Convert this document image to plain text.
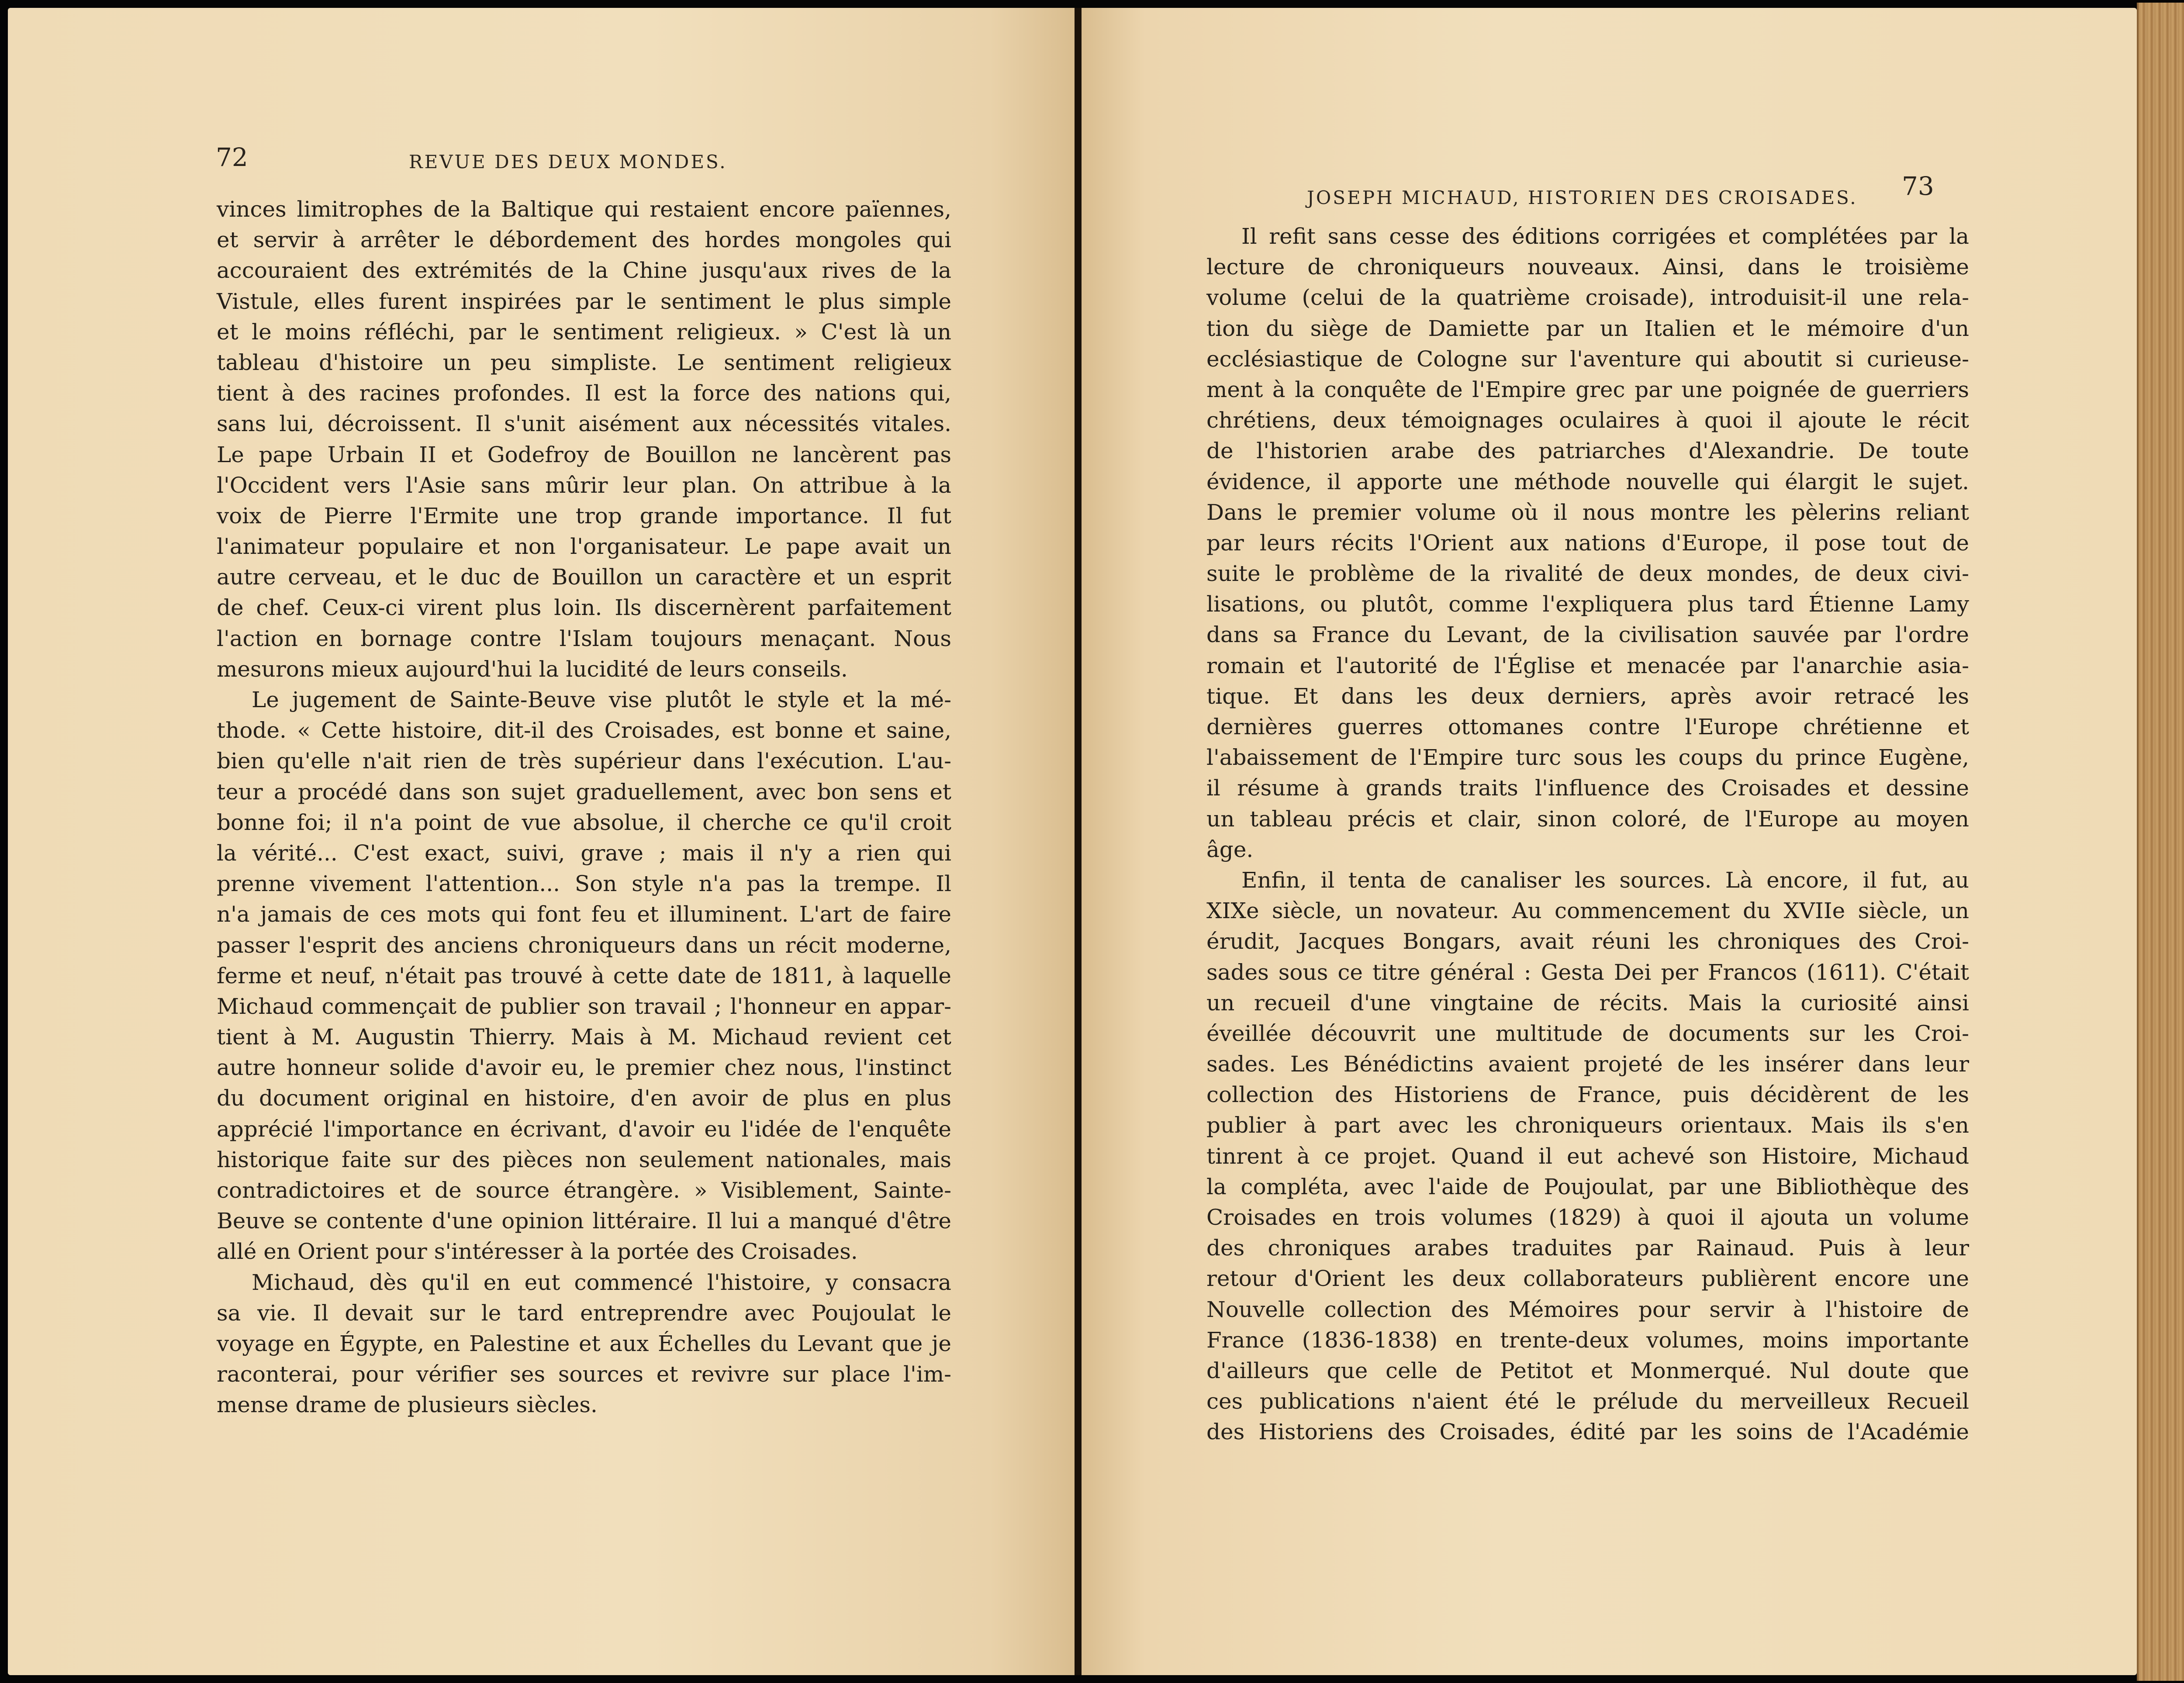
72	REVUE DES DEUX MONDES.
vinces limitrophes de la Baltique qui restaient encore païennes,
et servir à arrêter le débordement des hordes mongoles qui
accouraient des extrémités de la Chine jusqu'aux rives de la
Vistule, elles furent inspirées par le sentiment le plus simple
et le moins réfléchi, par le sentiment religieux. » C'est là un
tableau d'histoire un peu simpliste. Le sentiment religieux
tient à des racines profondes. Il est la force des nations qui,
sans lui, décroissent. Il s'unit aisément aux nécessités vitales.
Le pape Urbain II et Godefroy de Bouillon ne lancèrent pas
l'Occident vers l'Asie sans mûrir leur plan. On attribue à la
voix de Pierre l'Ermite une trop grande importance. Il fut
l'animateur populaire et non l'organisateur. Le pape avait un
autre cerveau, et le duc de Bouillon un caractère et un esprit
de chef. Ceux-ci virent plus loin. Ils discernèrent parfaitement
l'action en bornage contre l'Islam toujours menaçant. Nous
mesurons mieux aujourd'hui la lucidité de leurs conseils.
Le jugement de Sainte-Beuve vise plutôt le style et la mé-
thode. « Cette histoire, dit-il des Croisades, est bonne et saine,
bien qu'elle n'ait rien de très supérieur dans l'exécution. L'au-
teur a procédé dans son sujet graduellement, avec bon sens et
bonne foi; il n'a point de vue absolue, il cherche ce qu'il croit
la vérité... C'est exact, suivi, grave ; mais il n'y a rien qui
prenne vivement l'attention... Son style n'a pas la trempe. Il
n'a jamais de ces mots qui font feu et illuminent. L'art de faire
passer l'esprit des anciens chroniqueurs dans un récit moderne,
ferme et neuf, n'était pas trouvé à cette date de 1811, à laquelle
Michaud commençait de publier son travail ; l'honneur en appar-
tient à M. Augustin Thierry. Mais à M. Michaud revient cet
autre honneur solide d'avoir eu, le premier chez nous, l'instinct
du document original en histoire, d'en avoir de plus en plus
apprécié l'importance en écrivant, d'avoir eu l'idée de l'enquête
historique faite sur des pièces non seulement nationales, mais
contradictoires et de source étrangère. » Visiblement, Sainte-
Beuve se contente d'une opinion littéraire. Il lui a manqué d'être
allé en Orient pour s'intéresser à la portée des Croisades.
Michaud, dès qu'il en eut commencé l'histoire, y consacra
sa vie. Il devait sur le tard entreprendre avec Poujoulat le
voyage en Égypte, en Palestine et aux Échelles du Levant que je
raconterai, pour vérifier ses sources et revivre sur place l'im-
mense drame de plusieurs siècles.
JOSEPH MICHAUD, HISTORIEN DES CROISADES. 73
Il refit sans cesse des éditions corrigées et complétées par la
lecture de chroniqueurs nouveaux. Ainsi, dans le troisième
volume (celui de la quatrième croisade), introduisit-il une rela-
tion du siège de Damiette par un Italien et le mémoire d'un
ecclésiastique de Cologne sur l'aventure qui aboutit si curieuse-
ment à la conquête de l'Empire grec par une poignée de guerriers
chrétiens, deux témoignages oculaires à quoi il ajoute le récit
de l'historien arabe des patriarches d'Alexandrie. De toute
évidence, il apporte une méthode nouvelle qui élargit le sujet.
Dans le premier volume où il nous montre les pèlerins reliant
par leurs récits l'Orient aux nations d'Europe, il pose tout de
suite le problème de la rivalité de deux mondes, de deux civi-
lisations, ou plutôt, comme l'expliquera plus tard Étienne Lamy
dans sa France du Levant, de la civilisation sauvée par l'ordre
romain et l'autorité de l'Église et menacée par l'anarchie asia-
tique. Et dans les deux derniers, après avoir retracé les
dernières guerres ottomanes contre l'Europe chrétienne et
l'abaissement de l'Empire turc sous les coups du prince Eugène,
il résume à grands traits l'influence des Croisades et dessine
un tableau précis et clair, sinon coloré, de l'Europe au moyen
âge.
Enfin, il tenta de canaliser les sources. Là encore, il fut, au
XIXe siècle, un novateur. Au commencement du XVIIe siècle, un
érudit, Jacques Bongars, avait réuni les chroniques des Croi-
sades sous ce titre général : Gesta Dei per Francos (1611). C'était
un recueil d'une vingtaine de récits. Mais la curiosité ainsi
éveillée découvrit une multitude de documents sur les Croi-
sades. Les Bénédictins avaient projeté de les insérer dans leur
collection des Historiens de France, puis décidèrent de les
publier à part avec les chroniqueurs orientaux. Mais ils s'en
tinrent à ce projet. Quand il eut achevé son Histoire, Michaud
la compléta, avec l'aide de Poujoulat, par une Bibliothèque des
Croisades en trois volumes (1829) à quoi il ajouta un volume
des chroniques arabes traduites par Rainaud. Puis à leur
retour d'Orient les deux collaborateurs publièrent encore une
Nouvelle collection des Mémoires pour servir à l'histoire de
France (1836-1838) en trente-deux volumes, moins importante
d'ailleurs que celle de Petitot et Monmerqué. Nul doute que
ces publications n'aient été le prélude du merveilleux Recueil
des Historiens des Croisades, édité par les soins de l'Académie
